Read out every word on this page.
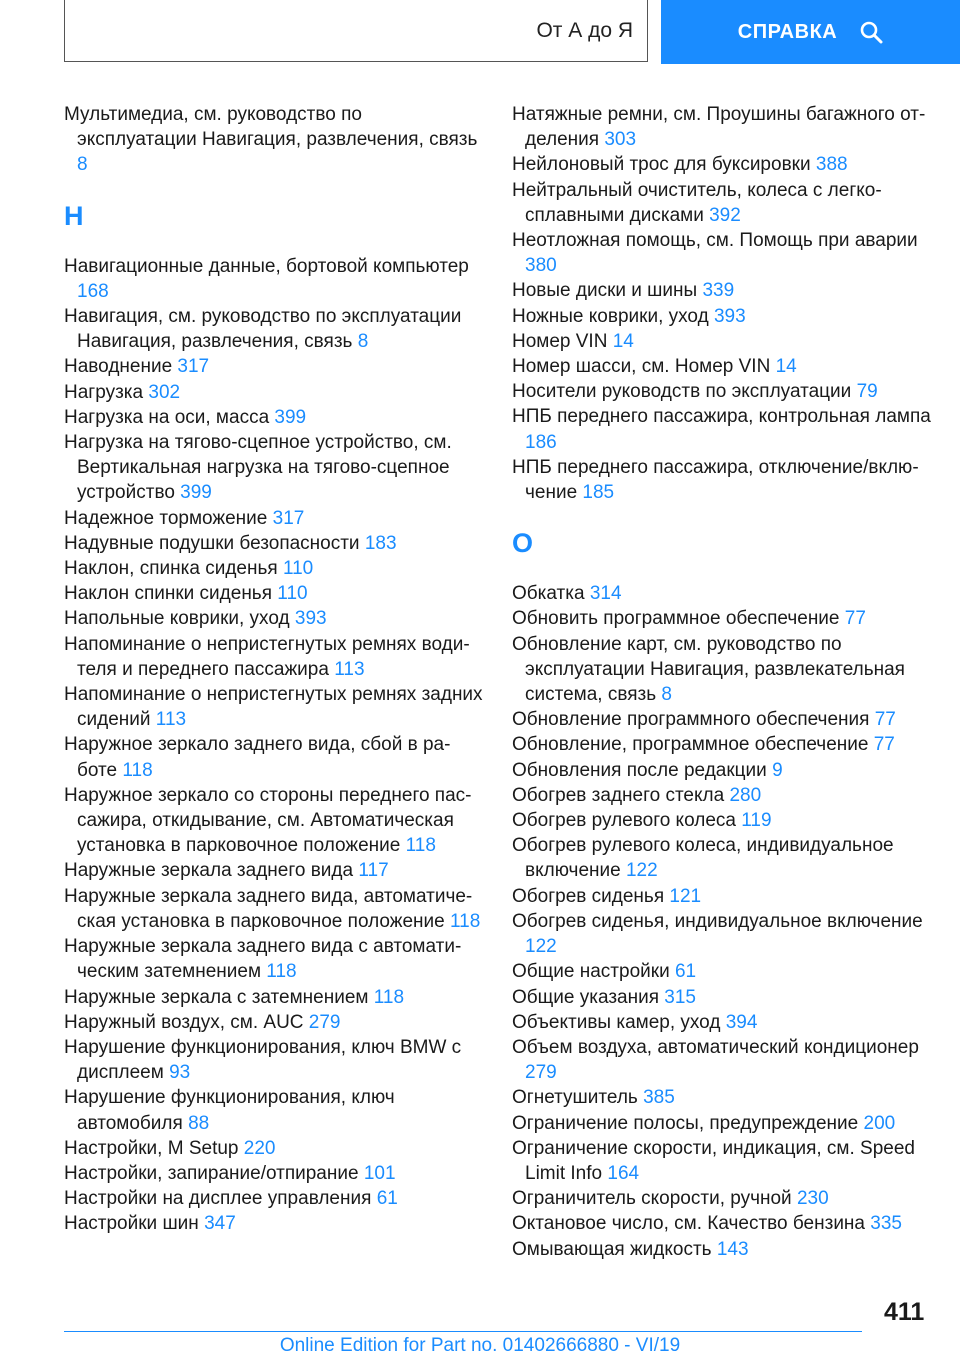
От А до Я	СПРАВКА

Мультимедиа, см. руководство по эксплуатации Навигация, развлечения, связь 8

Н

Навигационные данные, бортовой компьютер 168

Навигация, см. руководство по эксплуатации Навигация, развлечения, связь 8

Наводнение 317

Нагрузка 302

Нагрузка на оси, масса 399

Нагрузка на тягово-сцепное устройство, см. Вертикальная нагрузка на тягово-сцепное устройство 399

Надежное торможение 317

Надувные подушки безопасности 183

Наклон, спинка сиденья 110

Наклон спинки сиденья 110

Напольные коврики, уход 393

Напоминание о непристегнутых ремнях водителя и переднего пассажира 113

Напоминание о непристегнутых ремнях задних сидений 113

Наружное зеркало заднего вида, сбой в работе 118

Наружное зеркало со стороны переднего пассажира, откидывание, см. Автоматическая установка в парковочное положение 118

Наружные зеркала заднего вида 117

Наружные зеркала заднего вида, автоматическая установка в парковочное положение 118

Наружные зеркала заднего вида с автоматическим затемнением 118

Наружные зеркала с затемнением 118

Наружный воздух, см. AUC 279

Нарушение функционирования, ключ BMW с дисплеем 93

Нарушение функционирования, ключ автомобиля 88

Настройки, M Setup 220

Настройки, запирание/отпирание 101

Настройки на дисплее управления 61

Настройки шин 347

Натяжные ремни, см. Проушины багажного отделения 303

Нейлоновый трос для буксировки 388

Нейтральный очиститель, колеса с легкосплавными дисками 392

Неотложная помощь, см. Помощь при аварии 380

Новые диски и шины 339

Ножные коврики, уход 393

Номер VIN 14

Номер шасси, см. Номер VIN 14

Носители руководств по эксплуатации 79

НПБ переднего пассажира, контрольная лампа 186

НПБ переднего пассажира, отключение/включение 185

О

Обкатка 314

Обновить программное обеспечение 77

Обновление карт, см. руководство по эксплуатации Навигация, развлекательная система, связь 8

Обновление программного обеспечения 77

Обновление, программное обеспечение 77

Обновления после редакции 9

Обогрев заднего стекла 280

Обогрев рулевого колеса 119

Обогрев рулевого колеса, индивидуальное включение 122

Обогрев сиденья 121

Обогрев сиденья, индивидуальное включение 122

Общие настройки 61

Общие указания 315

Объективы камер, уход 394

Объем воздуха, автоматический кондиционер 279

Огнетушитель 385

Ограничение полосы, предупреждение 200

Ограничение скорости, индикация, см. Speed Limit Info 164

Ограничитель скорости, ручной 230

Октановое число, см. Качество бензина 335

Омывающая жидкость 143

411
Online Edition for Part no. 01402666880 - VI/19
